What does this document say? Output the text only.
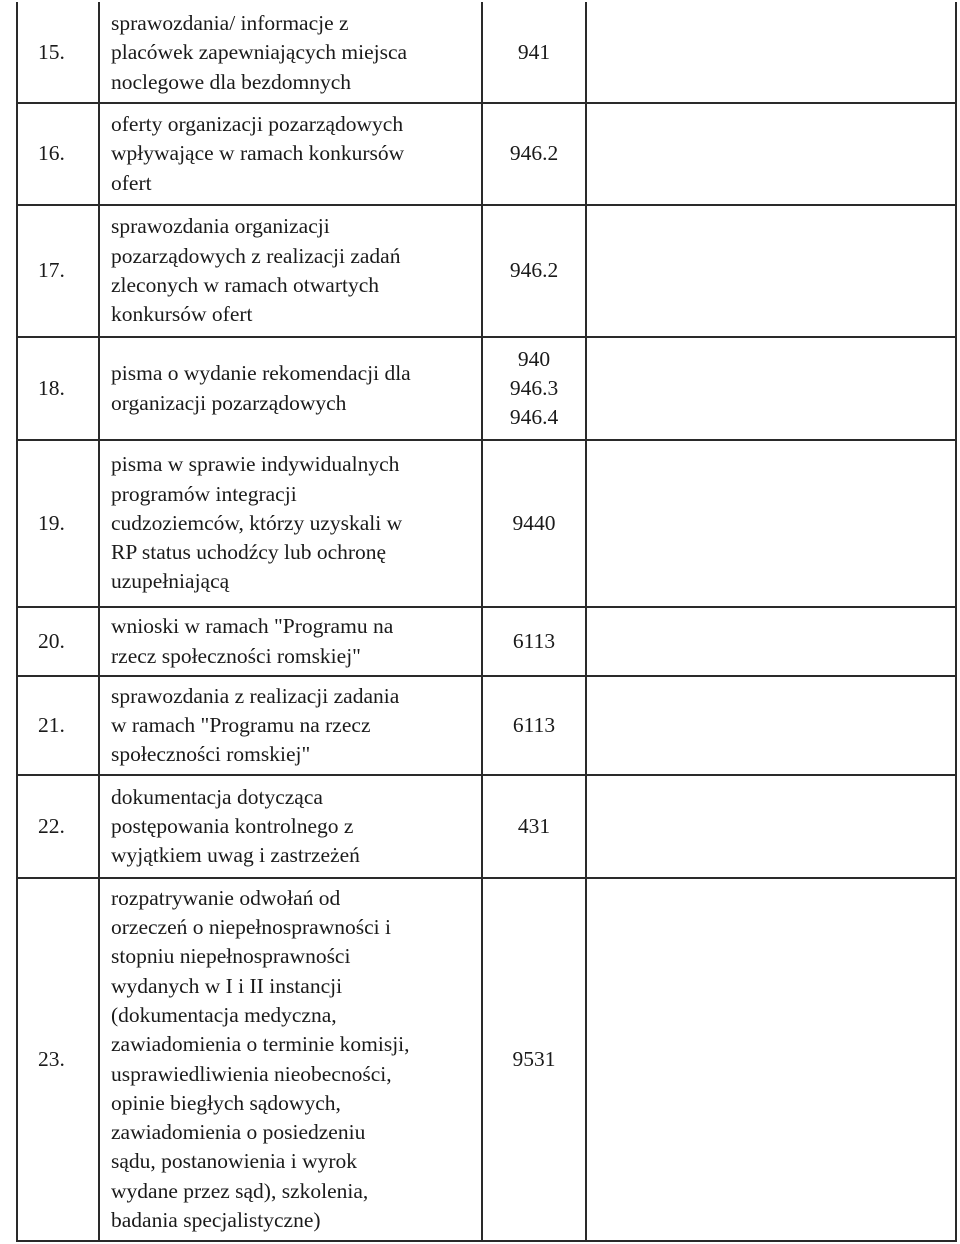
15.
sprawozdania/ informacje z
placówek zapewniających miejsca
noclegowe dla bezdomnych
941
16.
oferty organizacji pozarządowych
wpływające w ramach konkursów
ofert
946.2
17.
sprawozdania organizacji
pozarządowych z realizacji zadań
zleconych w ramach otwartych
konkursów ofert
946.2
18.
pisma o wydanie rekomendacji dla
organizacji pozarządowych
940
946.3
946.4
19.
pisma w sprawie indywidualnych
programów integracji
cudzoziemców, którzy uzyskali w
RP status uchodźcy lub ochronę
uzupełniającą
9440
20.
wnioski w ramach "Programu na
rzecz społeczności romskiej"
6113
21.
sprawozdania z realizacji zadania
w ramach "Programu na rzecz
społeczności romskiej"
6113
22.
dokumentacja dotycząca
postępowania kontrolnego z
wyjątkiem uwag i zastrzeżeń
431
23.
rozpatrywanie odwołań od
orzeczeń o niepełnosprawności i
stopniu niepełnosprawności
wydanych w I i II instancji
(dokumentacja medyczna,
zawiadomienia o terminie komisji,
usprawiedliwienia nieobecności,
opinie biegłych sądowych,
zawiadomienia o posiedzeniu
sądu, postanowienia i wyrok
wydane przez sąd), szkolenia,
badania specjalistyczne)
9531
